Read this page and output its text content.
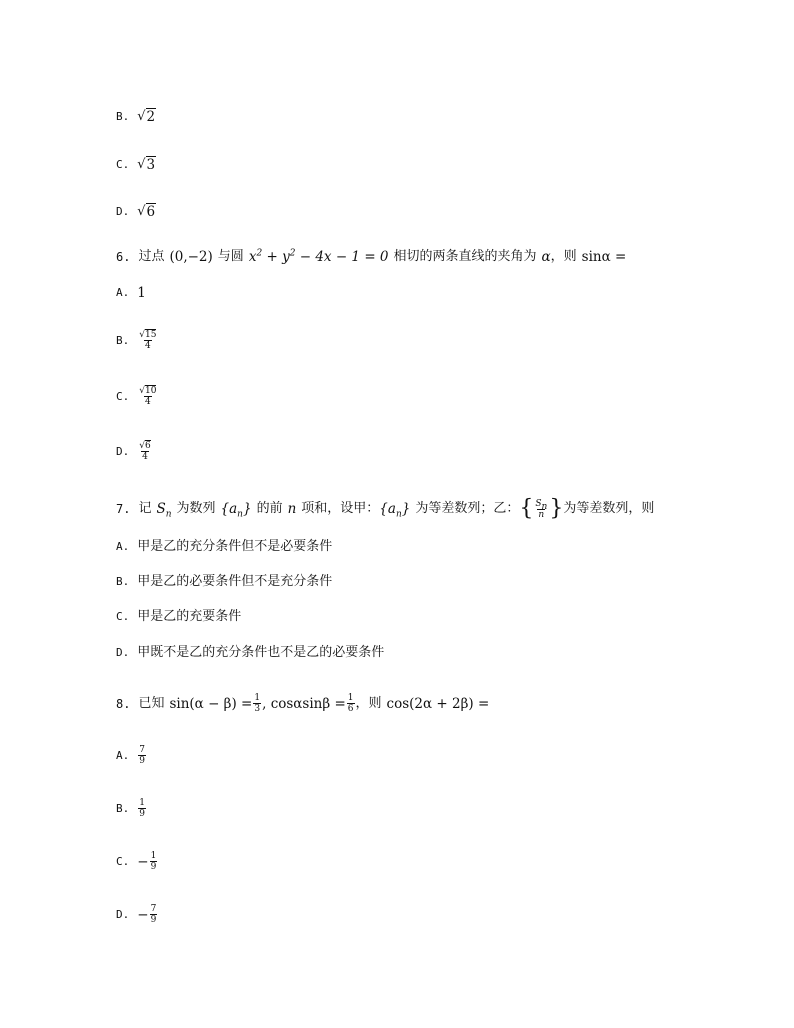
B. √ 2
C. √ 3
D. √ 6
6. 过点 (0,−2) 与圆 $x^2 + y^2 - 4x - 1 = 0$ 相切的两条直线的夹角为 α ，则 sinα =
A. 1
B. $\frac{√15}{4}$
C. $\frac{√10}{4}$
D. $\frac{√6}{4}$
7. 记 $S_n$ 为数列 $\{a_n\}$ 的前 n 项和，设甲： $\{a_n\}$ 为等差数列；乙： { $\frac{S_n}{n}$ } 为等差数列，则
A. 甲是乙的充分条件但不是必要条件
B. 甲是乙的必要条件但不是充分条件
C. 甲是乙的充要条件
D. 甲既不是乙的充分条件也不是乙的必要条件
8. 已知 $\sin(\alpha - \beta) = \frac{1}{3}$ , $\cos\alpha\sin\beta = \frac{1}{6}$ ，则 cos(2α + 2β) =
A. $\frac{7}{9}$
B. $\frac{1}{9}$
C. − $\frac{1}{9}$
D. − $\frac{7}{9}$
